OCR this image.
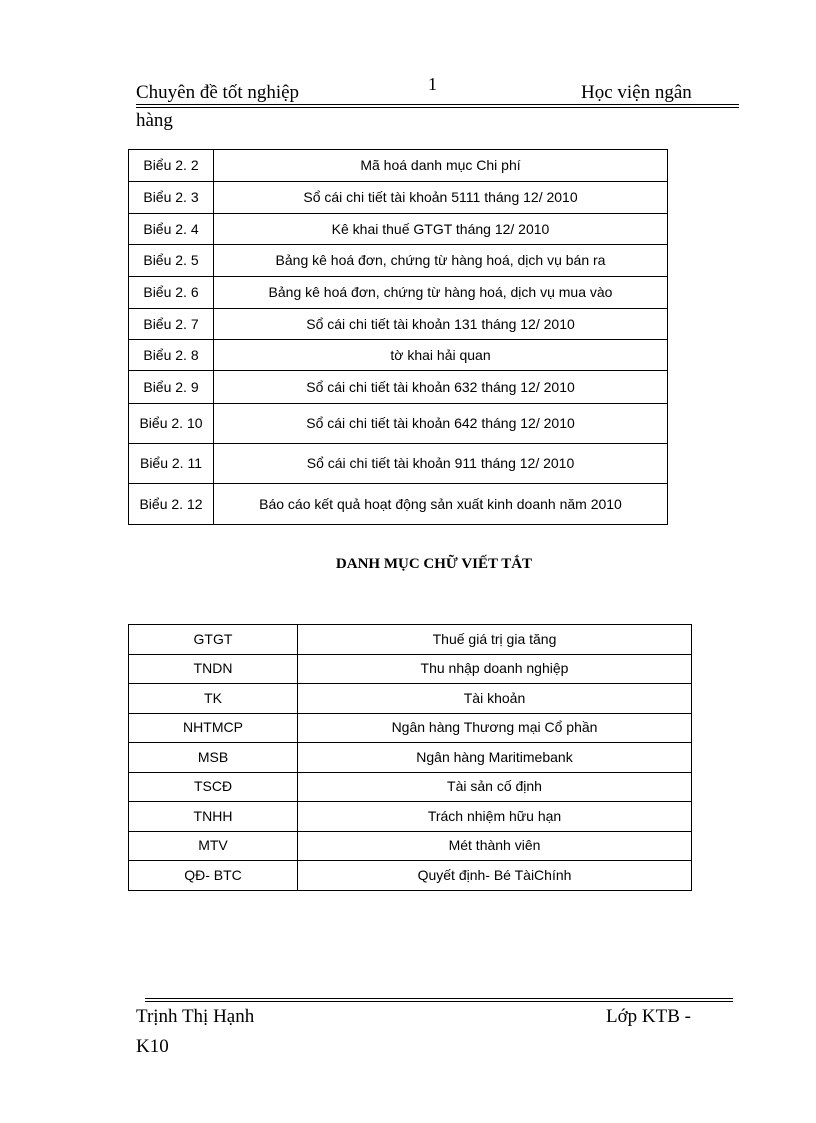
Chuyên đề tốt nghiệp	1	Học viện ngân
hàng
Biểu 2. 2	Mã hoá danh mục Chi phí
Biểu 2. 3	Sổ cái chi tiết tài khoản 5111 tháng 12/ 2010
Biểu 2. 4	Kê khai thuế GTGT tháng 12/ 2010
Biểu 2. 5	Bảng kê hoá đơn, chứng từ hàng hoá, dịch vụ bán ra
Biểu 2. 6	Bảng kê hoá đơn, chứng từ hàng hoá, dịch vụ mua vào
Biểu 2. 7	Sổ cái chi tiết tài khoản 131 tháng 12/ 2010
Biểu 2. 8	tờ khai hải quan
Biểu 2. 9	Sổ cái chi tiết tài khoản 632 tháng 12/ 2010
Biểu 2. 10	Sổ cái chi tiết tài khoản 642 tháng 12/ 2010
Biểu 2. 11	Sổ cái chi tiết tài khoản 911 tháng 12/ 2010
Biểu 2. 12	Báo cáo kết quả hoạt động sản xuất kinh doanh năm 2010
DANH MỤC CHỮ VIẾT TẮT
GTGT	Thuế giá trị gia tăng
TNDN	Thu nhập doanh nghiệp
TK	Tài khoản
NHTMCP	Ngân hàng Thương mại Cổ phần
MSB	Ngân hàng Maritimebank
TSCĐ	Tài sản cố định
TNHH	Trách nhiệm hữu hạn
MTV	Mét thành viên
QĐ- BTC	Quyết định- Bé TàiChính
Trịnh Thị Hạnh	Lớp KTB -
K10
